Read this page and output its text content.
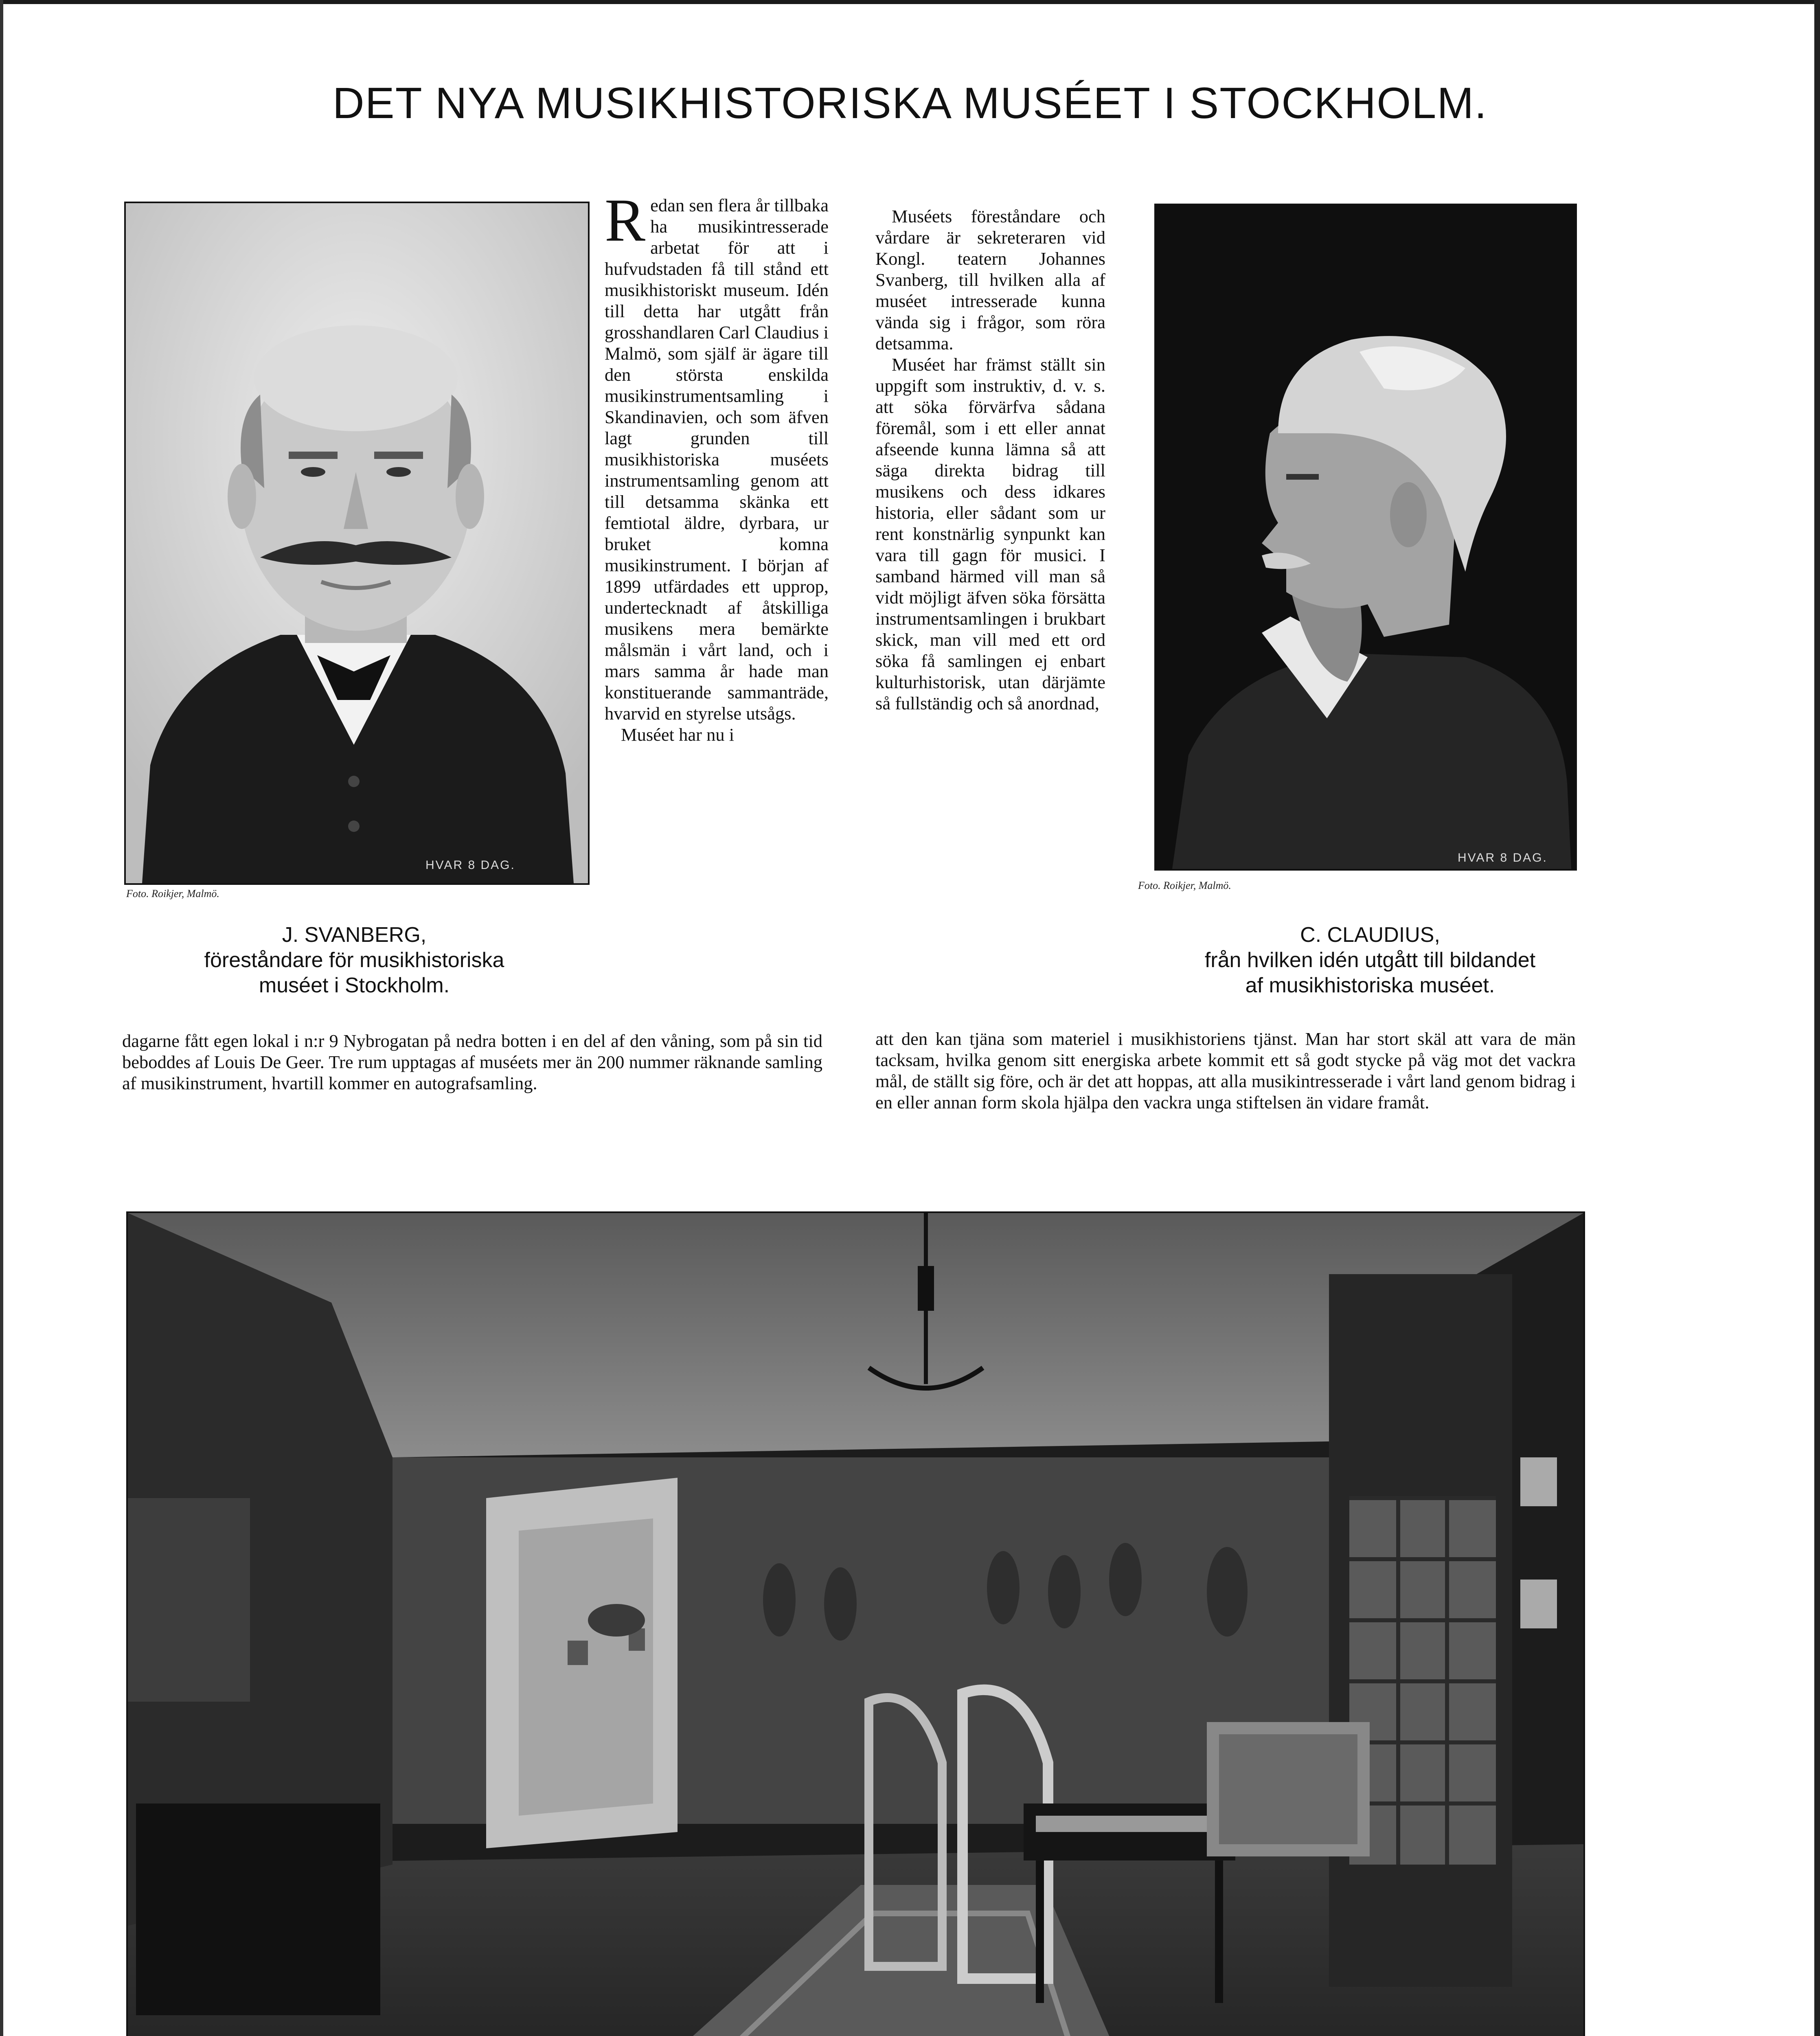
DET NYA MUSIKHISTORISKA MUSÉET I STOCKHOLM.
HVAR 8 DAG.
Foto. Roikjer, Malmö.
J. SVANBERG,
föreståndare för musikhistoriska
muséet i Stockholm.
R edan sen flera år tillbaka ha musikintresserade arbetat för att i hufvudstaden få till stånd ett musikhistoriskt museum. Idén till detta har utgått från grosshandlaren Carl Claudius i Malmö, som själf är ägare till den största enskilda musikinstrumentsamling i Skandinavien, och som äfven lagt grunden till musikhistoriska muséets instrumentsamling genom att till detsamma skänka ett femtiotal äldre, dyrbara, ur bruket komna musikinstrument. I början af 1899 utfärdades ett upprop, undertecknadt af åtskilliga musikens mera bemärkte målsmän i vårt land, och i mars samma år hade man konstituerande sammanträde, hvarvid en styrelse utsågs.

Muséet har nu i

Muséets föreståndare och vårdare är sekreteraren vid Kongl. teatern Johannes Svanberg, till hvilken alla af muséet intresserade kunna vända sig i frågor, som röra detsamma.

Muséet har främst ställt sin uppgift som instruktiv, d. v. s. att söka förvärfva sådana föremål, som i ett eller annat afseende kunna lämna så att säga direkta bidrag till musikens och dess idkares historia, eller sådant som ur rent konstnärlig synpunkt kan vara till gagn för musici. I samband härmed vill man så vidt möjligt äfven söka försätta instrumentsamlingen i brukbart skick, man vill med ett ord söka få samlingen ej enbart kulturhistorisk, utan därjämte så fullständig och så anordnad,

HVAR 8 DAG.
Foto. Roikjer, Malmö.
C. CLAUDIUS,
från hvilken idén utgått till bildandet
af musikhistoriska muséet.

dagarne fått egen lokal i n:r 9 Nybrogatan på nedra botten i en del af den våning, som på sin tid beboddes af Louis De Geer. Tre rum upptagas af muséets mer än 200 nummer räknande samling af musikinstrument, hvartill kommer en autografsamling.

att den kan tjäna som materiel i musikhistoriens tjänst. Man har stort skäl att vara de män tacksam, hvilka genom sitt energiska arbete kommit ett så godt stycke på väg mot det vackra mål, de ställt sig före, och är det att hoppas, att alla musikintresserade i vårt land genom bidrag i en eller annan form skola hjälpa den vackra unga stiftelsen än vidare framåt.
